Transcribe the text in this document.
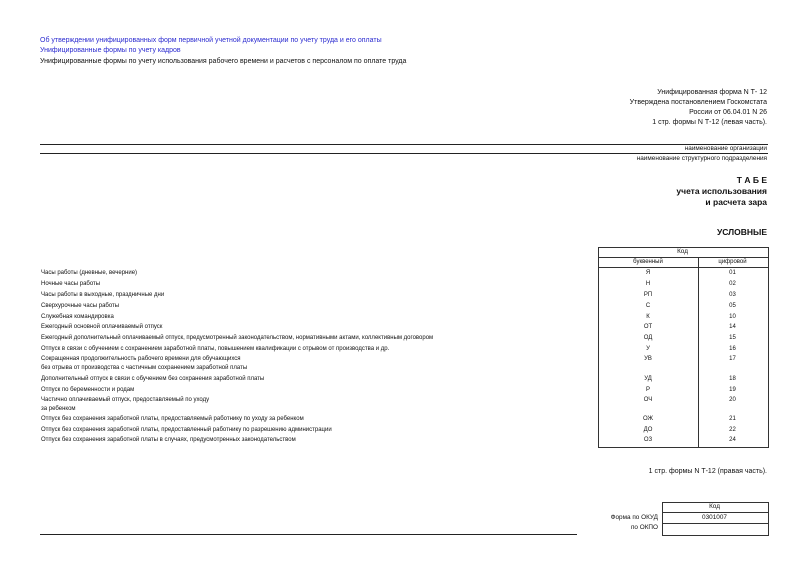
Об утверждении унифицированных форм первичной учетной документации по учету труда и его оплаты
Унифицированные формы по учету кадров
Унифицированные формы по учету использования рабочего времени и расчетов с персоналом по оплате труда
Унифицированная форма N Т- 12
Утверждена постановлением Госкомстата
России от 06.04.01 N 26
1 стр. формы N Т-12 (левая часть).
наименование организации
наименование структурного подразделения
Т А Б Е
учета использования
и расчета зара
УСЛОВНЫЕ
Код
буквенный	цифровой
Часы работы (дневные, вечерние)	Я	01
Ночные часы работы	Н	02
Часы работы в выходные, праздничные дни	РП	03
Сверхурочные часы работы	С	05
Служебная командировка	К	10
Ежегодный основной оплачиваемый отпуск	ОТ	14
Ежегодный дополнительный оплачиваемый отпуск, предусмотренный законодательством, нормативными актами, коллективным договором	ОД	15
Отпуск в связи с обучением с сохранением заработной платы, повышением квалификации с отрывом от производства и др.	У	16
Сокращенная продолжительность рабочего времени для обучающихся
без отрыва от производства с частичным сохранением заработной платы
УВ	17
Дополнительный отпуск в связи с обучением без сохранения заработной платы	УД	18
Отпуск по беременности и родам	Р	19
Частично оплачиваемый отпуск, предоставляемый по уходу
за ребенком
ОЧ	20
Отпуск без сохранения заработной платы, предоставляемый работнику по уходу за ребенком	ОЖ	21
Отпуск без сохранения заработной платы, предоставленный работнику по разрешению администрации	ДО	22
Отпуск без сохранения заработной платы в случаях, предусмотренных законодательством	ОЗ	24
1 стр. формы N Т-12 (правая часть).
Код
0301007
Форма по ОКУД
по ОКПО
